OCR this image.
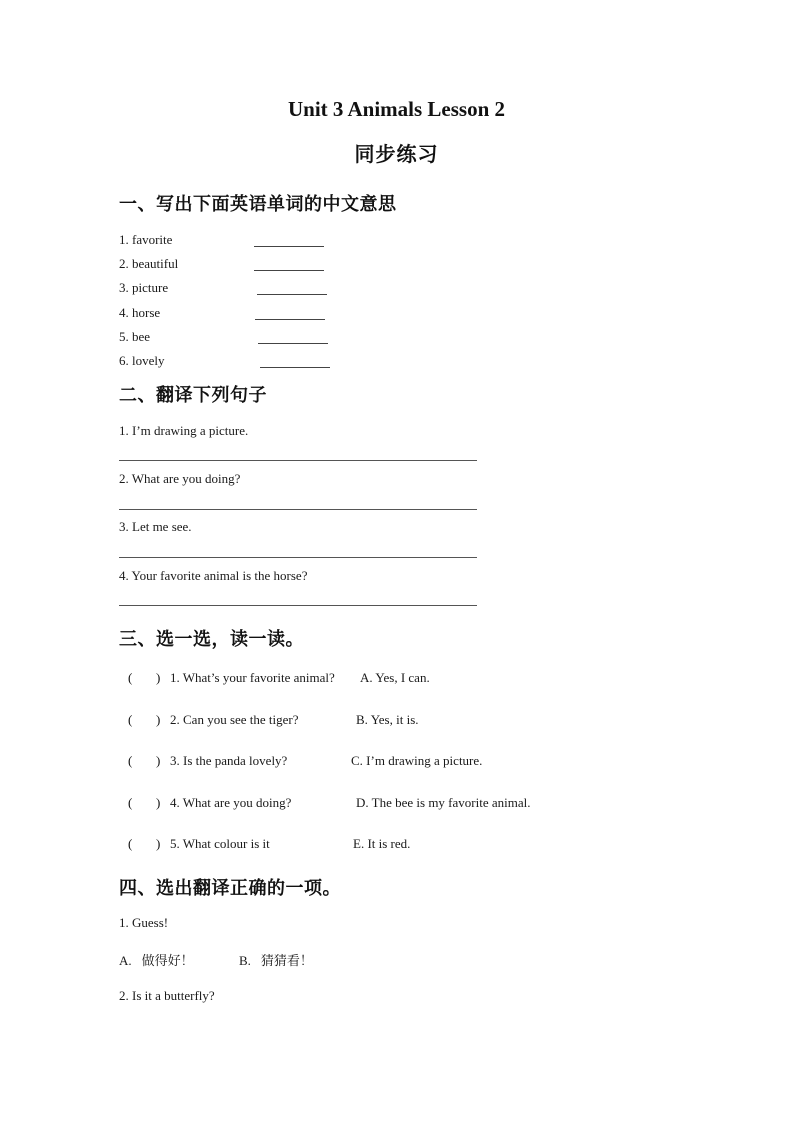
Unit 3 Animals Lesson 2
同步练习
一、写出下面英语单词的中文意思
1. favorite
2. beautiful
3. picture
4. horse
5. bee
6. lovely
二、翻译下列句子
1. I’m drawing a picture.
2. What are you doing?
3. Let me see.
4. Your favorite animal is the horse?
三、选一选，读一读。
( ) 1. What’s your favorite animal? A. Yes, I can.
( ) 2. Can you see the tiger?	B. Yes, it is.
( ) 3. Is the panda lovely?	C. I’m drawing a picture.
( ) 4. What are you doing?	D. The bee is my favorite animal.
( ) 5. What colour is it	E. It is red.
四、选出翻译正确的一项。
1. Guess!
A. 做得好！	B. 猜猜看！
2. Is it a butterfly?
